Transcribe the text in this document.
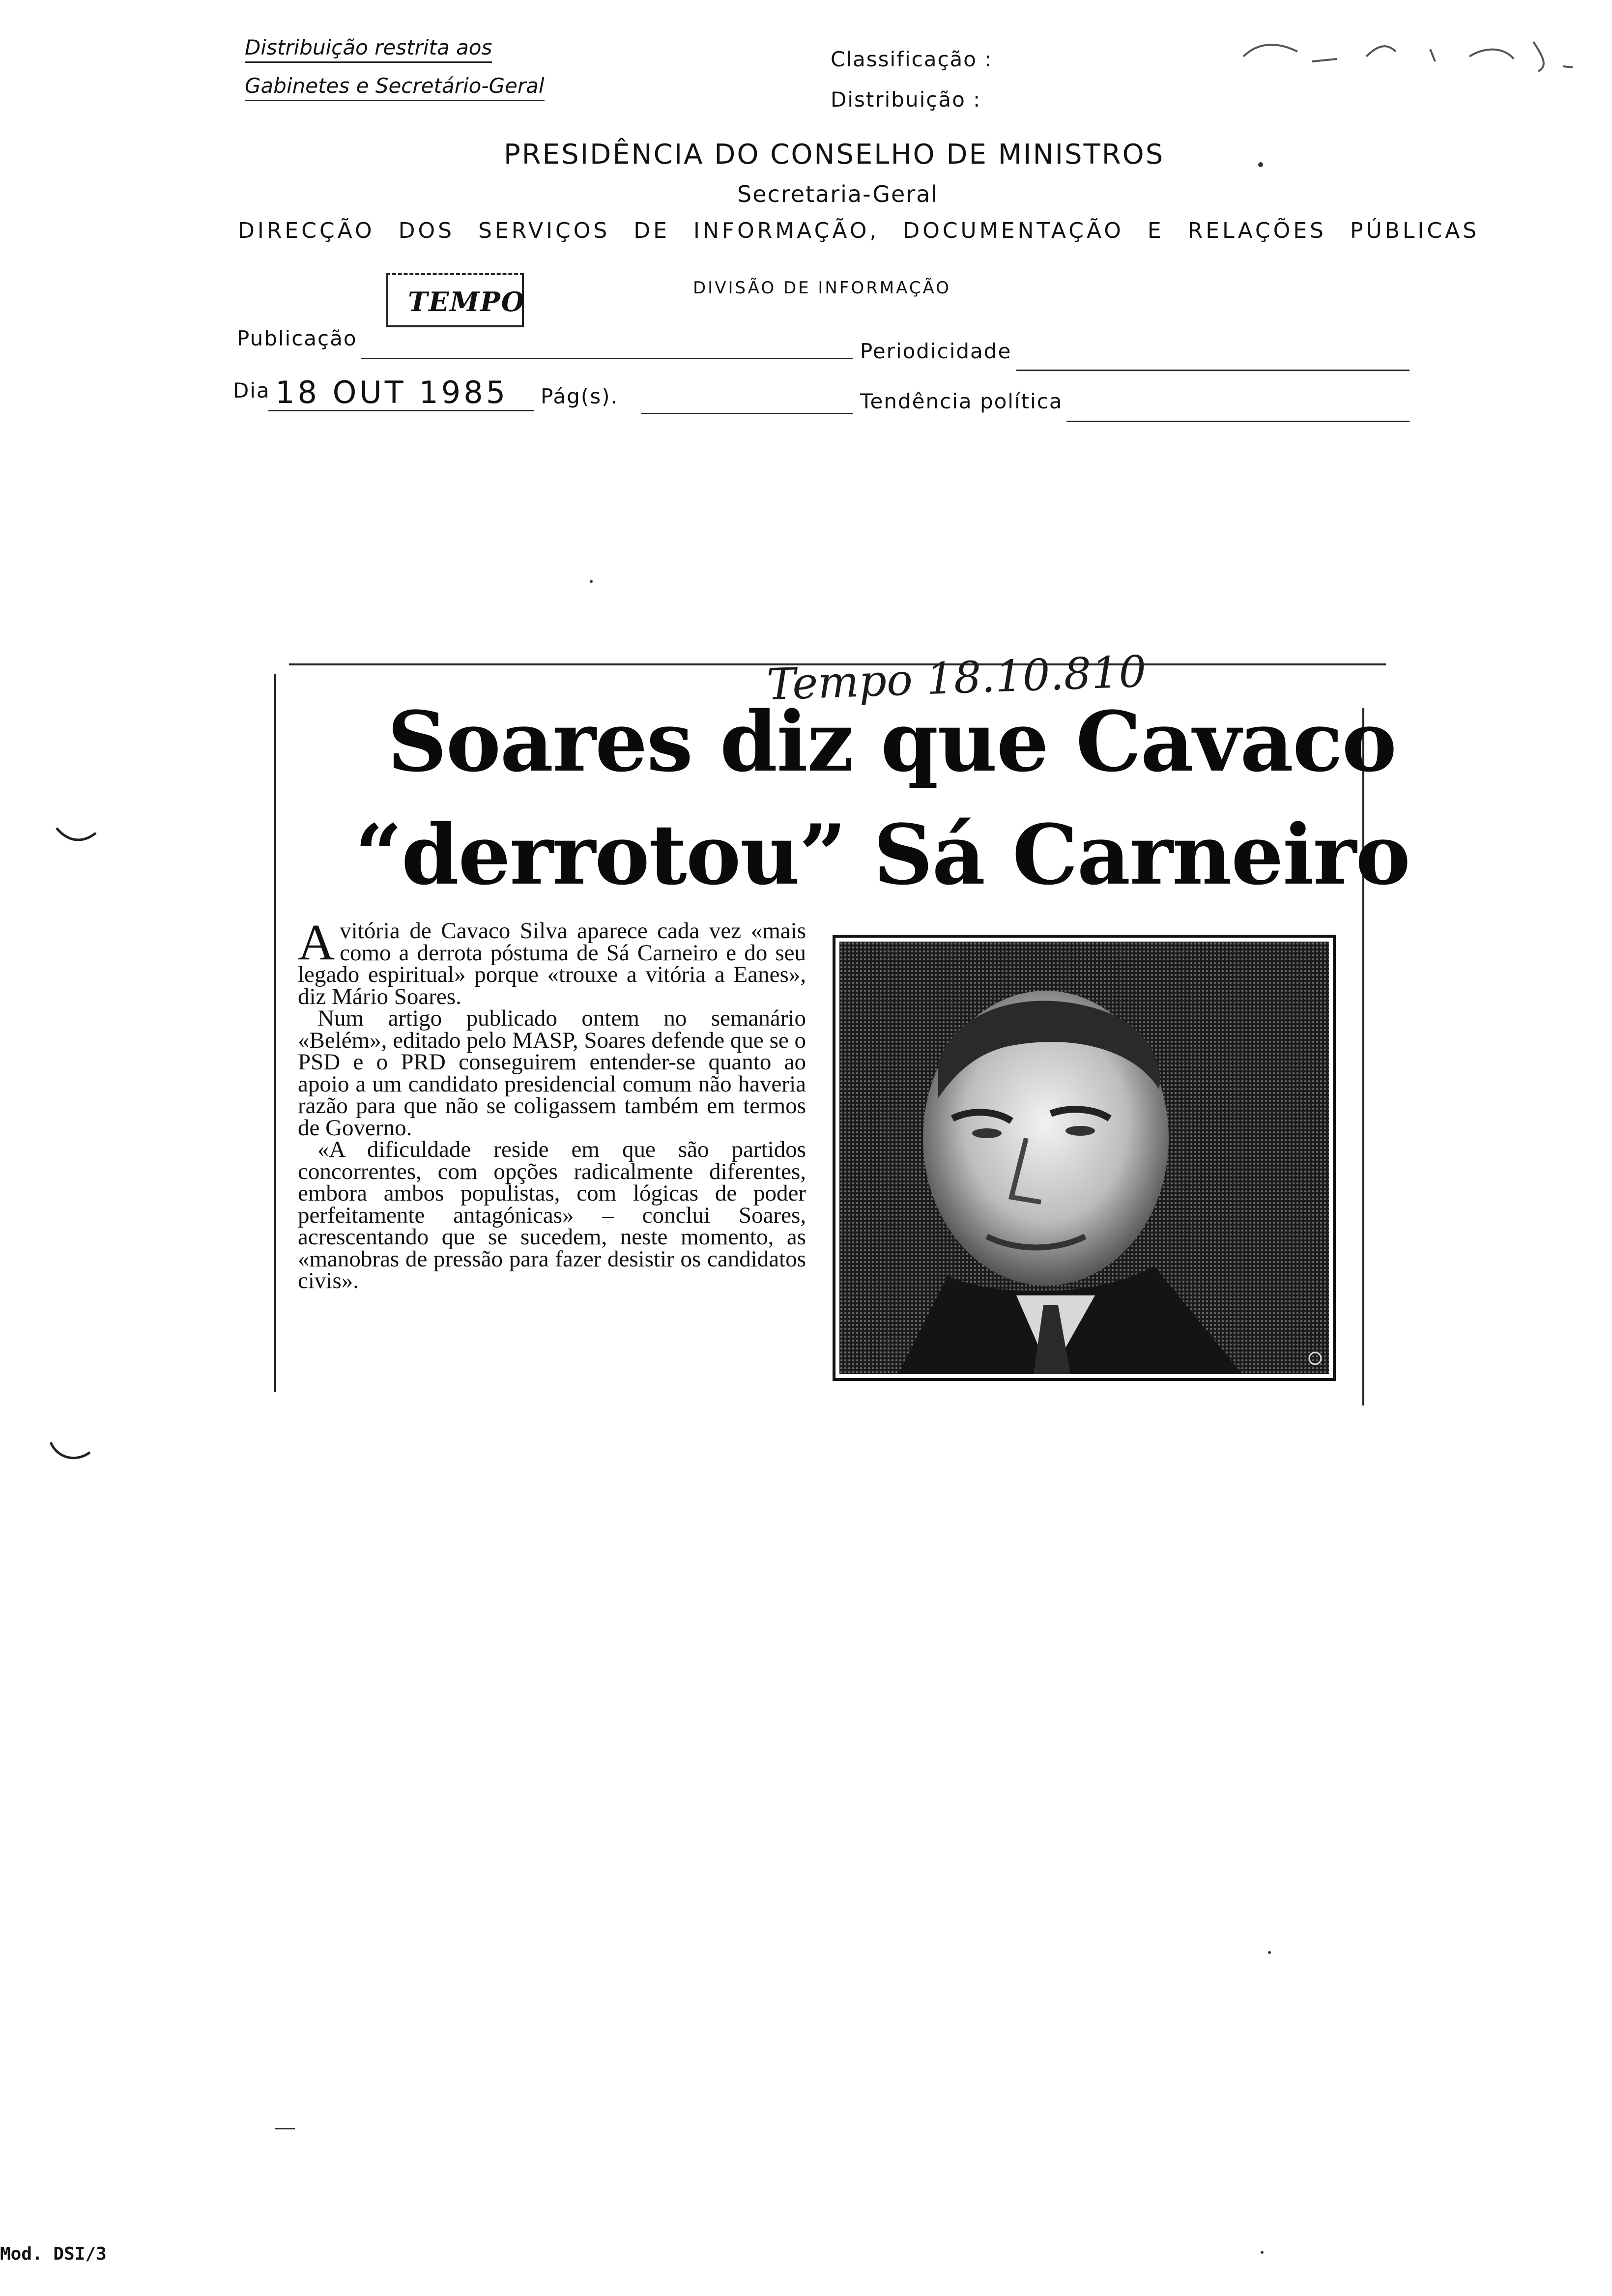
Distribuição restrita aos
Gabinetes e Secretário-Geral
Classificação :
Distribuição :
PRESIDÊNCIA DO CONSELHO DE MINISTROS
Secretaria-Geral
DIRECÇÃO DOS SERVIÇOS DE INFORMAÇÃO, DOCUMENTAÇÃO E RELAÇÕES PÚBLICAS
DIVISÃO DE INFORMAÇÃO
TEMPO
Publicação
Periodicidade
Dia 18 OUT 1985 Pág(s).	Tendência política
Tempo 18.10.810
Soares diz que Cavaco
“derrotou” Sá Carneiro

Avitória de Cavaco Silva aparece cada vez «mais como a derrota póstuma de Sá Carneiro e do seu legado espiritual» porque «trouxe a vitória a Eanes», diz Mário Soares.

Num artigo publicado ontem no semanário «Belém», editado pelo MASP, Soares defende que se o PSD e o PRD conseguirem entender-se quanto ao apoio a um candidato presidencial comum não haveria razão para que não se coligassem também em termos de Governo.

«A dificuldade reside em que são partidos concorrentes, com opções radicalmente diferentes, embora ambos populistas, com lógicas de poder perfeitamente antagónicas» – conclui Soares, acrescentando que se sucedem, neste momento, as «manobras de pressão para fazer desistir os candidatos civis».

Mod. DSI/3
